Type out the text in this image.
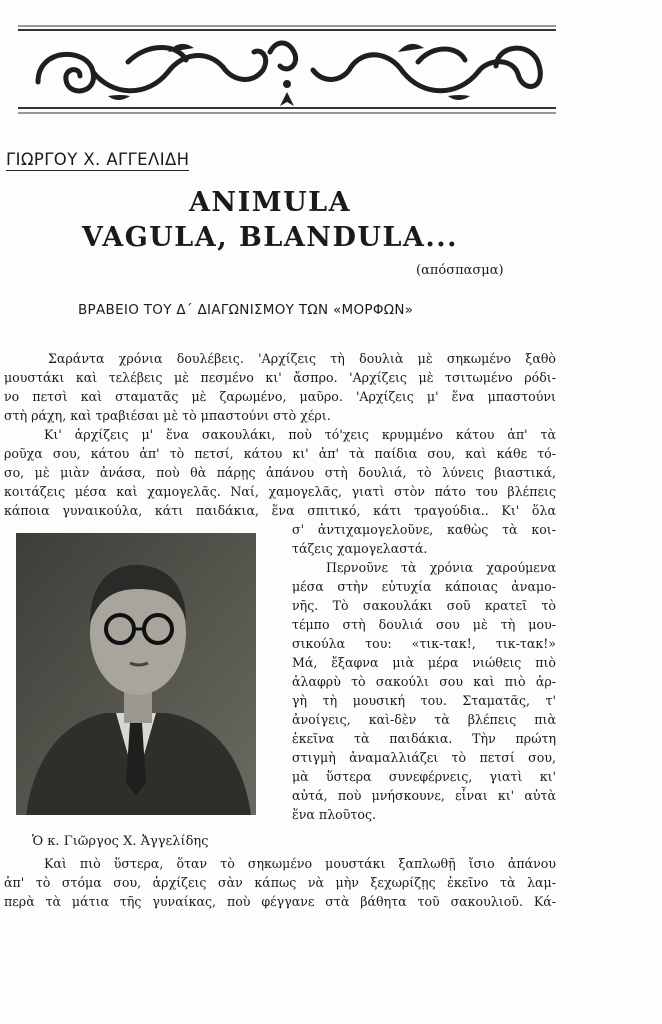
ΓΙΩΡΓΟΥ Χ. ΑΓΓΕΛΙΔΗ
ANIMULA
VAGULA, BLANDULA...
(απόσπασμα)
ΒΡΑΒΕΙΟ ΤΟΥ Δ΄ ΔΙΑΓΩΝΙΣΜΟΥ ΤΩΝ «ΜΟΡΦΩΝ»
Σαράντα χρόνια δουλέβεις. 'Αρχίζεις τὴ δουλιὰ μὲ σηκωμένο ξαθὸ
μουστάκι καὶ τελέβεις μὲ πεσμένο κι' ἄσπρο. 'Αρχίζεις μὲ τσιτωμένο ρόδι-
νο πετσὶ καὶ σταματᾶς μὲ ζαρωμένο, μαῦρο. 'Αρχίζεις μ' ἕνα μπαστούνι
στὴ ράχη, καὶ τραβιέσαι μὲ τὸ μπαστούνι στὸ χέρι.
Κι' ἀρχίζεις μ' ἕνα σακουλάκι, ποὺ τό'χεις κρυμμένο κάτου ἀπ' τὰ
ροῦχα σου, κάτου ἀπ' τὸ πετσί, κάτου κι' ἀπ' τὰ παίδια σου, καὶ κάθε τό-
σο, μὲ μιὰν ἀνάσα, ποὺ θὰ πάρῃς ἀπάνου στὴ δουλιά, τὸ λύνεις βιαστικά,
κοιτάζεις μέσα καὶ χαμογελᾶς. Ναί, χαμογελᾶς, γιατὶ στὸν πάτο του βλέπεις
κάποια γυναικούλα, κάτι παιδάκια, ἕνα σπιτικό, κάτι τραγούδια.. Κι' ὅλα
σ' ἀντιχαμογελοῦνε, καθὼς τὰ κοι-
τάζεις χαμογελαστά.
Περνοῦνε τὰ χρόνια χαρούμενα
μέσα στὴν εὐτυχία κάποιας ἀναμο-
νῆς. Τὸ σακουλάκι σοῦ κρατεῖ τὸ
τέμπο στὴ δουλιά σου μὲ τὴ μου-
σικούλα του: «τικ-τακ!, τικ-τακ!»
Μά, ἔξαφνα μιὰ μέρα νιώθεις πιὸ
ἀλαφρὺ τὸ σακούλι σου καὶ πιὸ ἀρ-
γὴ τὴ μουσική του. Σταματᾶς, τ'
ἀνοίγεις, καὶ-δὲν τὰ βλέπεις πιὰ
ἐκεῖνα τὰ παιδάκια. Τὴν πρώτη
στιγμὴ ἀναμαλλιάζει τὸ πετσί σου,
μὰ ὕστερα συνεφέρνεις, γιατὶ κι'
αὐτά, ποὺ μνήσκουνε, εἶναι κι' αὐτὰ
ἕνα πλοῦτος.
Ὁ κ. Γιῶργος Χ. Ἀγγελίδης
Καὶ πιὸ ὕστερα, ὅταν τὸ σηκωμένο μουστάκι ξαπλωθῇ ἴσιο ἀπάνου
ἀπ' τὸ στόμα σου, ἀρχίζεις σὰν κάπως νὰ μὴν ξεχωρίζῃς ἐκεῖνο τὰ λαμ-
περὰ τὰ μάτια τῆς γυναίκας, ποὺ φέγγανε στὰ βάθητα τοῦ σακουλιοῦ. Κά-
